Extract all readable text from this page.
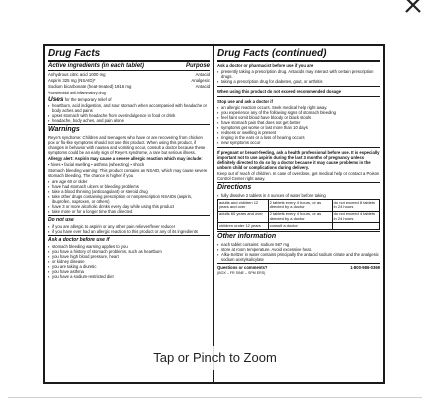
Drug Facts
Active ingredients (in each tablet)	Purpose
Anhydrous citric acid 1000 mg	Antacid
Aspirin 325 mg (NSAID)*	Analgesic
Sodium bicarbonate (heat-treated) 1916 mg	Antacid
*nonsteroidal anti-inflammatory drug
Uses for the temporary relief of
▪ heartburn, acid indigestion, and sour stomach when accompanied with headache or body aches and pains
▪ upset stomach with headache from overindulgence in food or drink
▪ headache, body aches, and pain alone
Warnings
Reye's syndrome: Children and teenagers who have or are recovering from chicken pox or flu-like symptoms should not use this product. When using this product, if changes in behavior with nausea and vomiting occur, consult a doctor because these symptoms could be an early sign of Reye's syndrome, a rare but serious illness.
Allergy alert: Aspirin may cause a severe allergic reaction which may include:
▪ hives ▪ facial swelling ▪ asthma (wheezing) ▪ shock
Stomach bleeding warning: This product contains an NSAID, which may cause severe stomach bleeding. The chance is higher if you
▪ are age 60 or older
▪ have had stomach ulcers or bleeding problems
▪ take a blood thinning (anticoagulant) or steroid drug
▪ take other drugs containing prescription or nonprescription NSAIDs (aspirin, ibuprofen, naproxen, or others)
▪ have 3 or more alcoholic drinks every day while using this product
▪ take more or for a longer time than directed
Do not use
▪ if you are allergic to aspirin or any other pain reliever/fever reducer
▪ if you have ever had an allergic reaction to this product or any of its ingredients
Ask a doctor before use if
▪ stomach bleeding warning applies to you
▪ you have a history of stomach problems, such as heartburn
▪ you have high blood pressure, heart
▪ or kidney disease
▪ you are taking a diuretic
▪ you have asthma
▪ you have a sodium-restricted diet
Drug Facts (continued)
Ask a doctor or pharmacist before use if you are
▪ presently taking a prescription drug. Antacids may interact with certain prescription drugs.
▪ taking a prescription drug for diabetes, gout, or arthritis
When using this product do not exceed recommended dosage
Stop use and ask a doctor if
▪ an allergic reaction occurs. Seek medical help right away.
▪ you experience any of the following signs of stomach bleeding
▪ feel faint vomit blood have bloody or black stools
▪ have stomach pain that does not get better
▪ symptoms get worse or last more than 10 days
▪ redness or swelling is present
▪ ringing in the ears or a loss of hearing occurs
▪ new symptoms occur
If pregnant or breast-feeding, ask a health professional before use. It is especially important not to use aspirin during the last 3 months of pregnancy unless definitely directed to do so by a doctor because it may cause problems in the unborn child or complications during delivery.
Keep out of reach of children. In case of overdose, get medical help or contact a Poison Control Center right away.
Directions
▪ fully dissolve 2 tablets in 4 ounces of water before taking
adults and children 12 years and over	2 tablets every 4 hours, or as directed by a doctor	do not exceed 8 tablets in 24 hours
adults 60 years and over	2 tablets every 4 hours, or as directed by a doctor	do not exceed 4 tablets in 24 hours
children under 12 years	consult a doctor	
Other information
▪ each tablet contains: sodium 567 mg
▪ store at room temperature. Avoid excessive heat.
▪ Alka-Seltzer in water contains principally the antacid sodium citrate and the analgesic sodium acetylsalicylate
Questions or comments?	1-800-986-0369
(BOX – FR SINE – SPM ERS)
Tap or Pinch to Zoom
